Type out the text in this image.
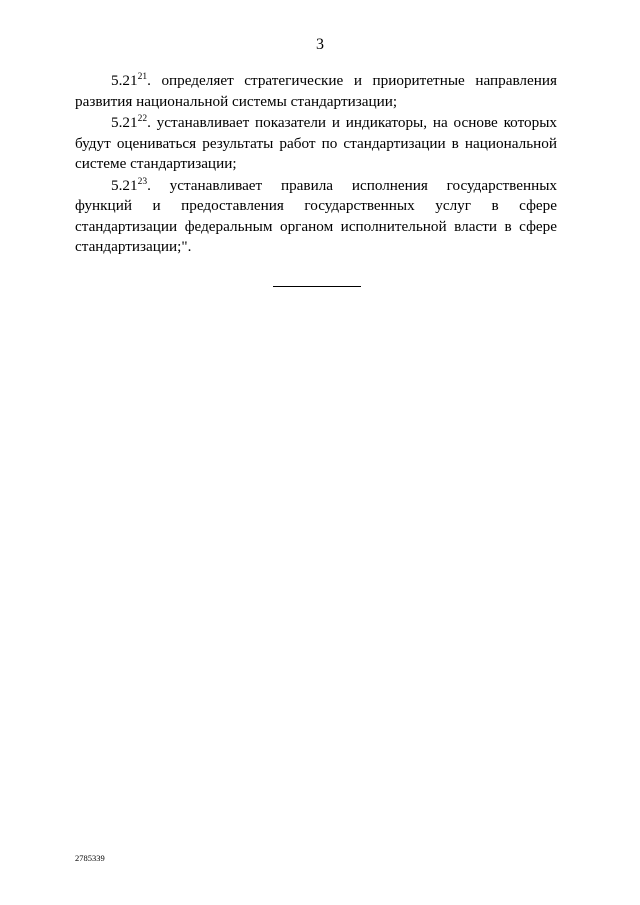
3

5.21$^{21}$. определяет стратегические и приоритетные направления развития национальной системы стандартизации;

5.21$^{22}$. устанавливает показатели и индикаторы, на основе которых будут оцениваться результаты работ по стандартизации в национальной системе стандартизации;

5.21$^{23}$. устанавливает правила исполнения государственных функций и предоставления государственных услуг в сфере стандартизации федеральным органом исполнительной власти в сфере стандартизации;".

2785339
